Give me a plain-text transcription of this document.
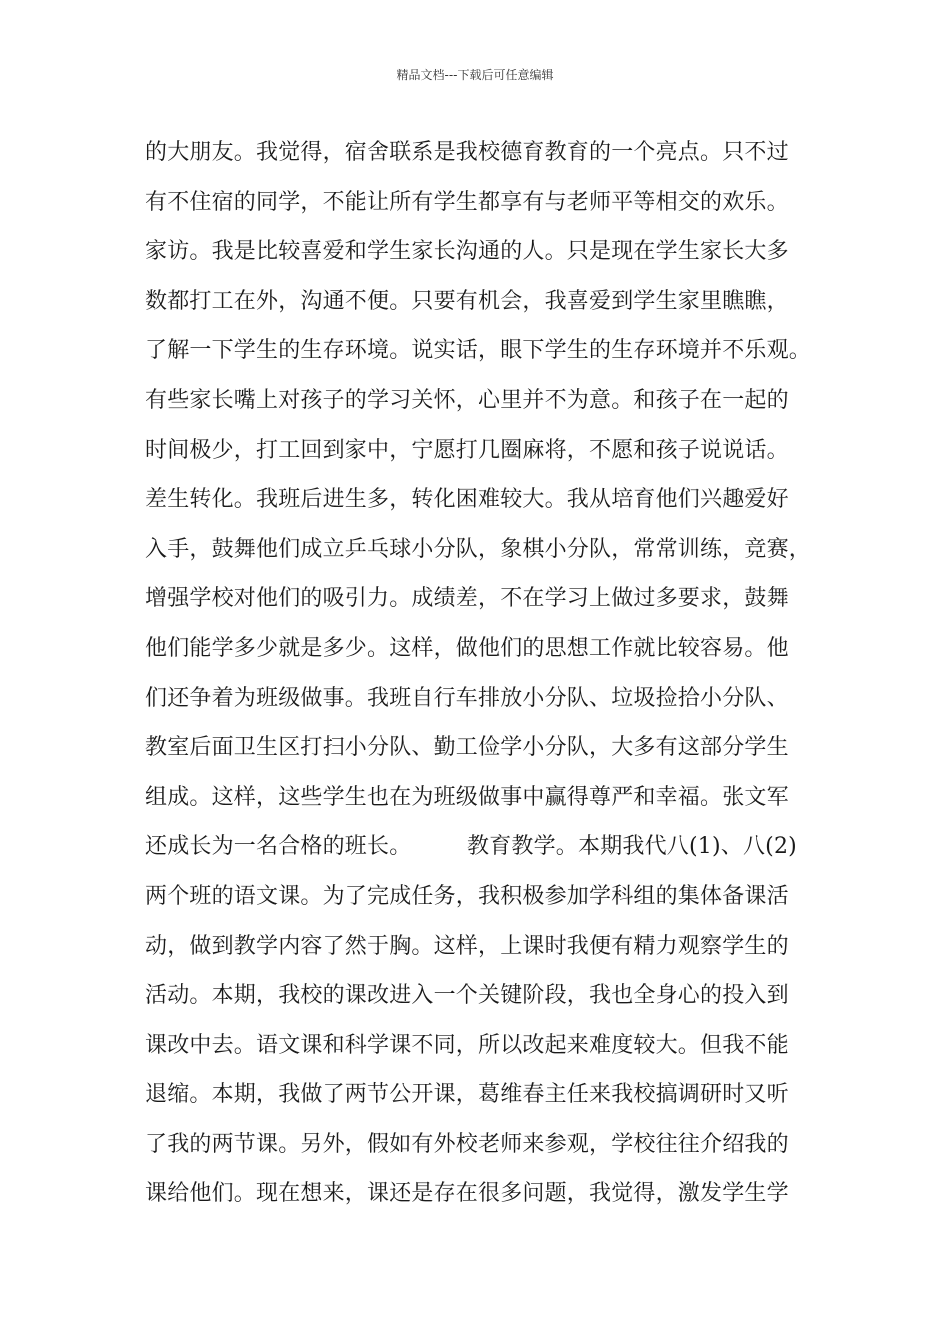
精品文档---下载后可任意编辑
的大朋友。我觉得，宿舍联系是我校德育教育的一个亮点。只不过
有不住宿的同学，不能让所有学生都享有与老师平等相交的欢乐。
家访。我是比较喜爱和学生家长沟通的人。只是现在学生家长大多
数都打工在外，沟通不便。只要有机会，我喜爱到学生家里瞧瞧，
了解一下学生的生存环境。说实话，眼下学生的生存环境并不乐观。
有些家长嘴上对孩子的学习关怀，心里并不为意。和孩子在一起的
时间极少，打工回到家中，宁愿打几圈麻将，不愿和孩子说说话。
差生转化。我班后进生多，转化困难较大。我从培育他们兴趣爱好
入手，鼓舞他们成立乒乓球小分队，象棋小分队，常常训练，竞赛，
增强学校对他们的吸引力。成绩差，不在学习上做过多要求，鼓舞
他们能学多少就是多少。这样，做他们的思想工作就比较容易。他
们还争着为班级做事。我班自行车排放小分队、垃圾捡拾小分队、
教室后面卫生区打扫小分队、勤工俭学小分队，大多有这部分学生
组成。这样，这些学生也在为班级做事中赢得尊严和幸福。张文军
还成长为一名合格的班长。　　　教育教学。本期我代八(1)、八(2)
两个班的语文课。为了完成任务，我积极参加学科组的集体备课活
动，做到教学内容了然于胸。这样，上课时我便有精力观察学生的
活动。本期，我校的课改进入一个关键阶段，我也全身心的投入到
课改中去。语文课和科学课不同，所以改起来难度较大。但我不能
退缩。本期，我做了两节公开课，葛维春主任来我校搞调研时又听
了我的两节课。另外，假如有外校老师来参观，学校往往介绍我的
课给他们。现在想来，课还是存在很多问题，我觉得，激发学生学
